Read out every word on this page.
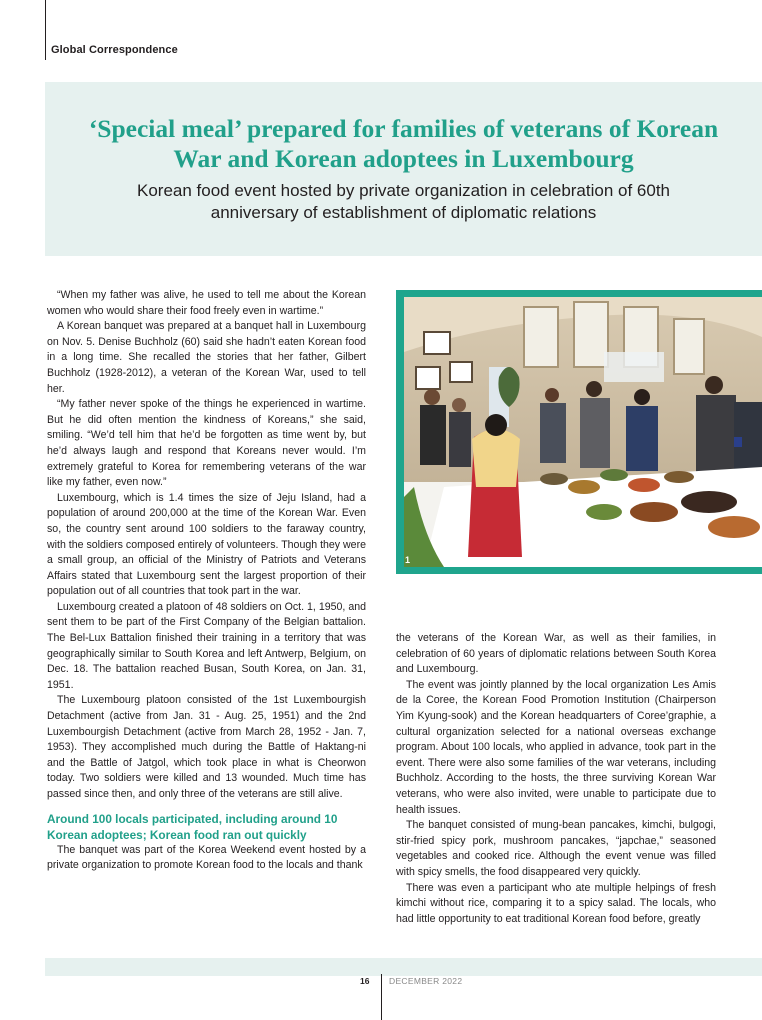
Global Correspondence
‘Special meal’ prepared for families of veterans of Korean
War and Korean adoptees in Luxembourg
Korean food event hosted by private organization in celebration of 60th
anniversary of establishment of diplomatic relations

“When my father was alive, he used to tell me about the Korean women who would share their food freely even in wartime.”

A Korean banquet was prepared at a banquet hall in Luxembourg on Nov. 5. Denise Buchholz (60) said she hadn’t eaten Korean food in a long time. She recalled the stories that her father, Gilbert Buchholz (1928-2012), a veteran of the Korean War, used to tell her.

“My father never spoke of the things he experienced in wartime. But he did often mention the kindness of Koreans,” she said, smiling. “We’d tell him that he’d be forgotten as time went by, but he’d always laugh and respond that Koreans never would. I’m extremely grateful to Korea for remembering veterans of the war like my father, even now.”

Luxembourg, which is 1.4 times the size of Jeju Island, had a population of around 200,000 at the time of the Korean War. Even so, the country sent around 100 soldiers to the faraway country, with the soldiers composed entirely of volunteers. Though they were a small group, an official of the Ministry of Patriots and Veterans Affairs stated that Luxembourg sent the largest proportion of their population out of all countries that took part in the war.

Luxembourg created a platoon of 48 soldiers on Oct. 1, 1950, and sent them to be part of the First Company of the Belgian battalion. The Bel-Lux Battalion finished their training in a territory that was geographically similar to South Korea and left Antwerp, Belgium, on Dec. 18. The battalion reached Busan, South Korea, on Jan. 31, 1951.

The Luxembourg platoon consisted of the 1st Luxembourgish Detachment (active from Jan. 31 - Aug. 25, 1951) and the 2nd Luxembourgish Detachment (active from March 28, 1952 - Jan. 7, 1953). They accomplished much during the Battle of Haktang-ni and the Battle of Jatgol, which took place in what is Cheorwon today. Two soldiers were killed and 13 wounded. Much time has passed since then, and only three of the veterans are still alive.

Around 100 locals participated, including around 10 Korean adoptees; Korean food ran out quickly

The banquet was part of the Korea Weekend event hosted by a private organization to promote Korean food to the locals and thank

1

the veterans of the Korean War, as well as their families, in celebration of 60 years of diplomatic relations between South Korea and Luxembourg.

The event was jointly planned by the local organization Les Amis de la Coree, the Korean Food Promotion Institution (Chairperson Yim Kyung-sook) and the Korean headquarters of Coree’graphie, a cultural organization selected for a national overseas exchange program. About 100 locals, who applied in advance, took part in the event. There were also some families of the war veterans, including Buchholz. According to the hosts, the three surviving Korean War veterans, who were also invited, were unable to participate due to health issues.

The banquet consisted of mung-bean pancakes, kimchi, bulgogi, stir-fried spicy pork, mushroom pancakes, “japchae,” seasoned vegetables and cooked rice. Although the event venue was filled with spicy smells, the food disappeared very quickly.

There was even a participant who ate multiple helpings of fresh kimchi without rice, comparing it to a spicy salad. The locals, who had little opportunity to eat traditional Korean food before, greatly

16 DECEMBER 2022
